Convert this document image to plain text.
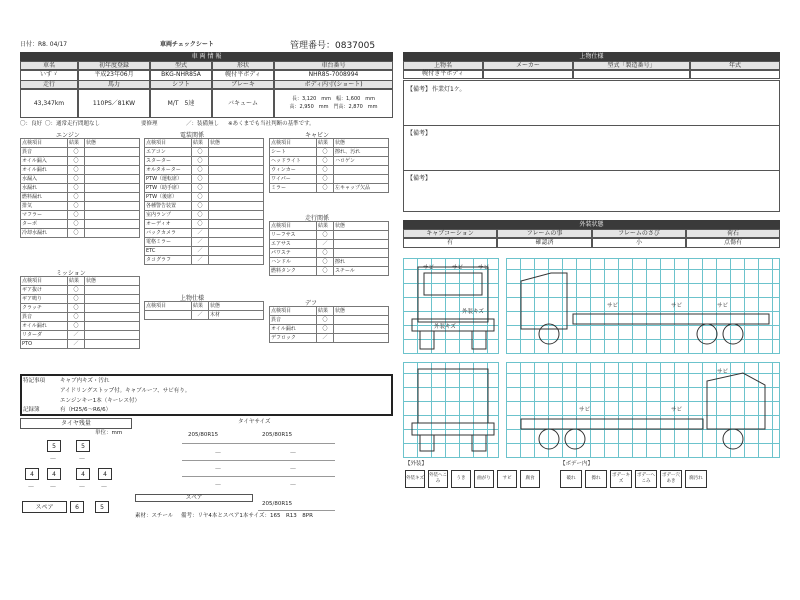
日付：R8. 04/17	車両チェックシート	管理番号：0837005
車 両 情 報
車名	初年度登録	型式	形状	車台番号
いすゞ	平成23年06月	BKG-NHR85A	幌付平ボディ	NHR85-7008994
走行	馬力	シフト	ブレーキ	ボディ内寸(ショート)
43,347km	110PS／81KW	M/T　5速	バキューム
長：3,120　mm　幅：1,600　mm
高：2,950　mm　門高：2,870　mm
〇：良好 〇：通常走行問題なし	要修理	／：装備無し ※あくまでも当社判断の基準です。
エンジン
点検項目	結果	状態
異音	〇	
オイル漏入	〇	
オイル漏れ	〇	
水漏入	〇	
水漏れ	〇	
燃料漏れ	〇	
排気	〇	
マフラー	〇	
ターボ	〇	
冷却水漏れ	〇	
電装関係
点検項目	結果	状態
エアコン	〇	
スターター	〇	
オルタネーター	〇	
PTW（運転席）	〇	
PTW（助手席）	〇	
PTW（後席）	〇	
各種警告装置	〇	
室内ランプ	〇	
オーディオ	〇	
バックカメラ	／	
電格ミラー	／	
ETC	／	
タコグラフ	／	
キャビン
点検項目	結果	状態
シート	〇	擦れ、汚れ
ヘッドライト	〇	ハロゲン
ウィンカー	〇	
ワイパー	〇	
ミラー	〇	左キャップ欠品
走行関係
点検項目	結果	状態
リーフサス	〇	
エアサス	／	
パワステ	〇	
ハンドル	〇	擦れ
燃料タンク	〇	スチール
デフ
点検項目	結果	状態
異音	〇	
オイル漏れ	〇	
デフロック	／	
ミッション
点検項目	結果	状態
ギア抜け	〇	
ギア鳴り	〇	
クラッチ	〇	
異音	〇	
オイル漏れ	〇	
リターダ	／	
PTO	／	
上物仕様
点検項目	結果	状態
	／	木材
特記事項	キャブ内キズ・汚れ
アイドリングストップ付。キャブルーフ、サビ有り。
エンジンキー1本（キーレス付）
記録簿	有（H25/6～R6/6）
タイヤ残量
単位：mm
5	5
—	—
4	4	4	4
—	—	—	—
スペア	6	5
タイヤサイズ
205/80R15	205/80R15
—	—
—	—
—	—
スペア
205/80R15
素材：スチール 備考：リヤ4本とスペア1本サイズ：165　R13　8PR
上物仕様
上物名	メーカー	型式「製造番号」	年式
幌付き平ボディ
【備考】 作業灯1ケ。
【備考】
【備考】
外装状態
キャブコーション	フレームの事	フレームのさび	荷石
有	確認済	小	点傷有
サビ	サビ	サビ
外装キズ
外装キズ
サビ	サビ	サビ
サビ
サビ	サビ
【外装】
外装キズ
外装へこみ
うき	曲がり	サビ	腐食
【ボデー内】
破れ	擦れ
ボデーキズ
ボデーへこみ
ボデー穴あき
腐汚れ
